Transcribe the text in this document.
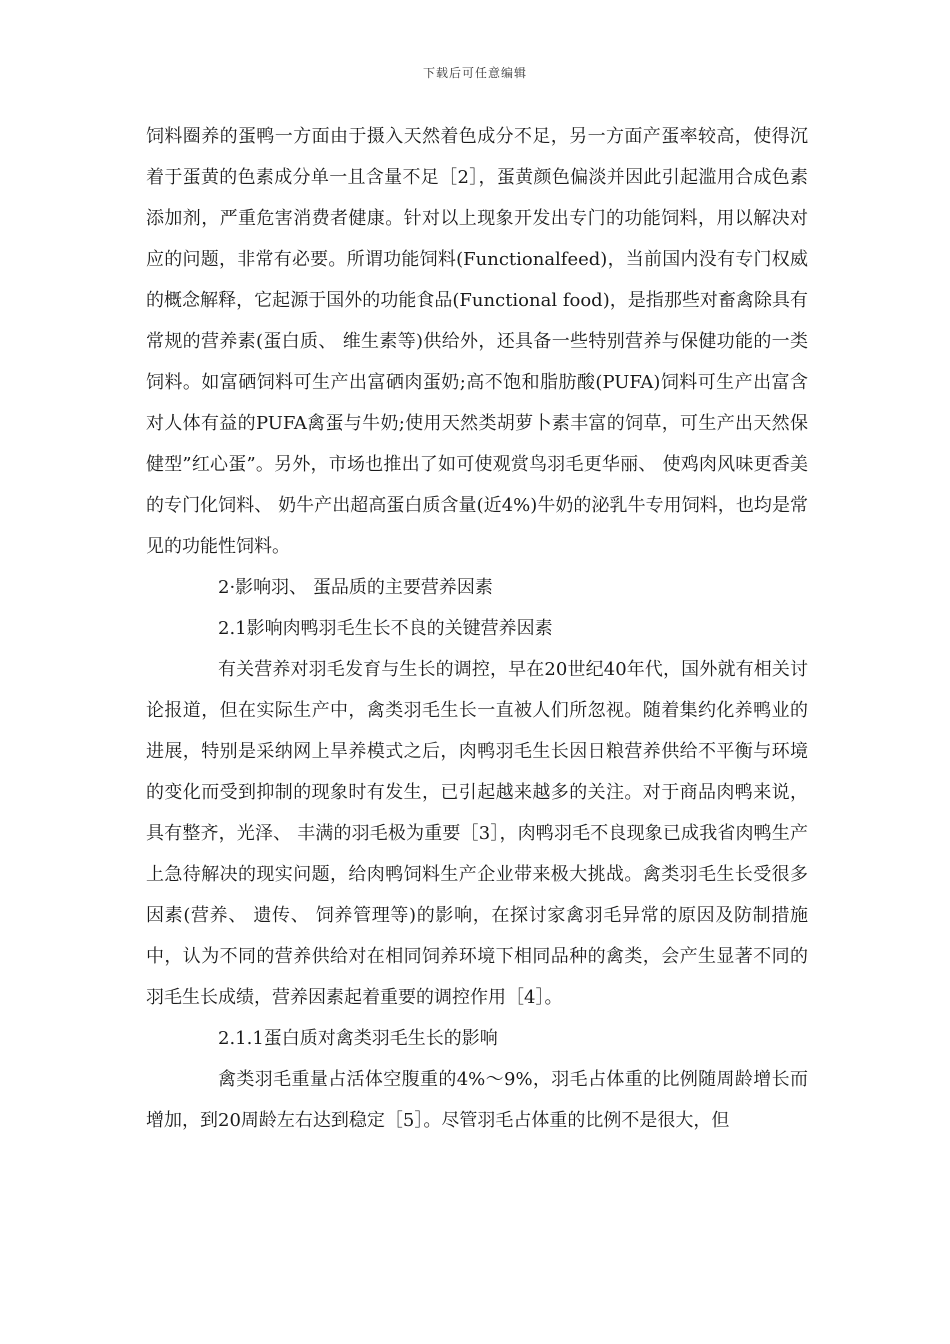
下载后可任意编辑

饲料圈养的蛋鸭一方面由于摄入天然着色成分不足，另一方面产蛋率较高，使得沉着于蛋黄的色素成分单一且含量不足［2］，蛋黄颜色偏淡并因此引起滥用合成色素添加剂，严重危害消费者健康。针对以上现象开发出专门的功能饲料，用以解决对应的问题，非常有必要。所谓功能饲料(Functionalfeed)，当前国内没有专门权威的概念解释，它起源于国外的功能食品(Functional food)，是指那些对畜禽除具有常规的营养素(蛋白质、 维生素等)供给外，还具备一些特别营养与保健功能的一类饲料。如富硒饲料可生产出富硒肉蛋奶;高不饱和脂肪酸(PUFA)饲料可生产出富含对人体有益的PUFA禽蛋与牛奶;使用天然类胡萝卜素丰富的饲草，可生产出天然保健型”红心蛋”。另外，市场也推出了如可使观赏鸟羽毛更华丽、 使鸡肉风味更香美的专门化饲料、 奶牛产出超高蛋白质含量(近4%)牛奶的泌乳牛专用饲料，也均是常见的功能性饲料。

2·影响羽、 蛋品质的主要营养因素

2.1影响肉鸭羽毛生长不良的关键营养因素

有关营养对羽毛发育与生长的调控，早在20世纪40年代，国外就有相关讨论报道，但在实际生产中，禽类羽毛生长一直被人们所忽视。随着集约化养鸭业的进展，特别是采纳网上旱养模式之后，肉鸭羽毛生长因日粮营养供给不平衡与环境的变化而受到抑制的现象时有发生，已引起越来越多的关注。对于商品肉鸭来说，具有整齐，光泽、 丰满的羽毛极为重要［3］，肉鸭羽毛不良现象已成我省肉鸭生产上急待解决的现实问题，给肉鸭饲料生产企业带来极大挑战。禽类羽毛生长受很多因素(营养、 遗传、 饲养管理等)的影响，在探讨家禽羽毛异常的原因及防制措施中，认为不同的营养供给对在相同饲养环境下相同品种的禽类，会产生显著不同的羽毛生长成绩，营养因素起着重要的调控作用［4］。

2.1.1蛋白质对禽类羽毛生长的影响

禽类羽毛重量占活体空腹重的4%～9%，羽毛占体重的比例随周龄增长而增加，到20周龄左右达到稳定［5］。尽管羽毛占体重的比例不是很大，但
